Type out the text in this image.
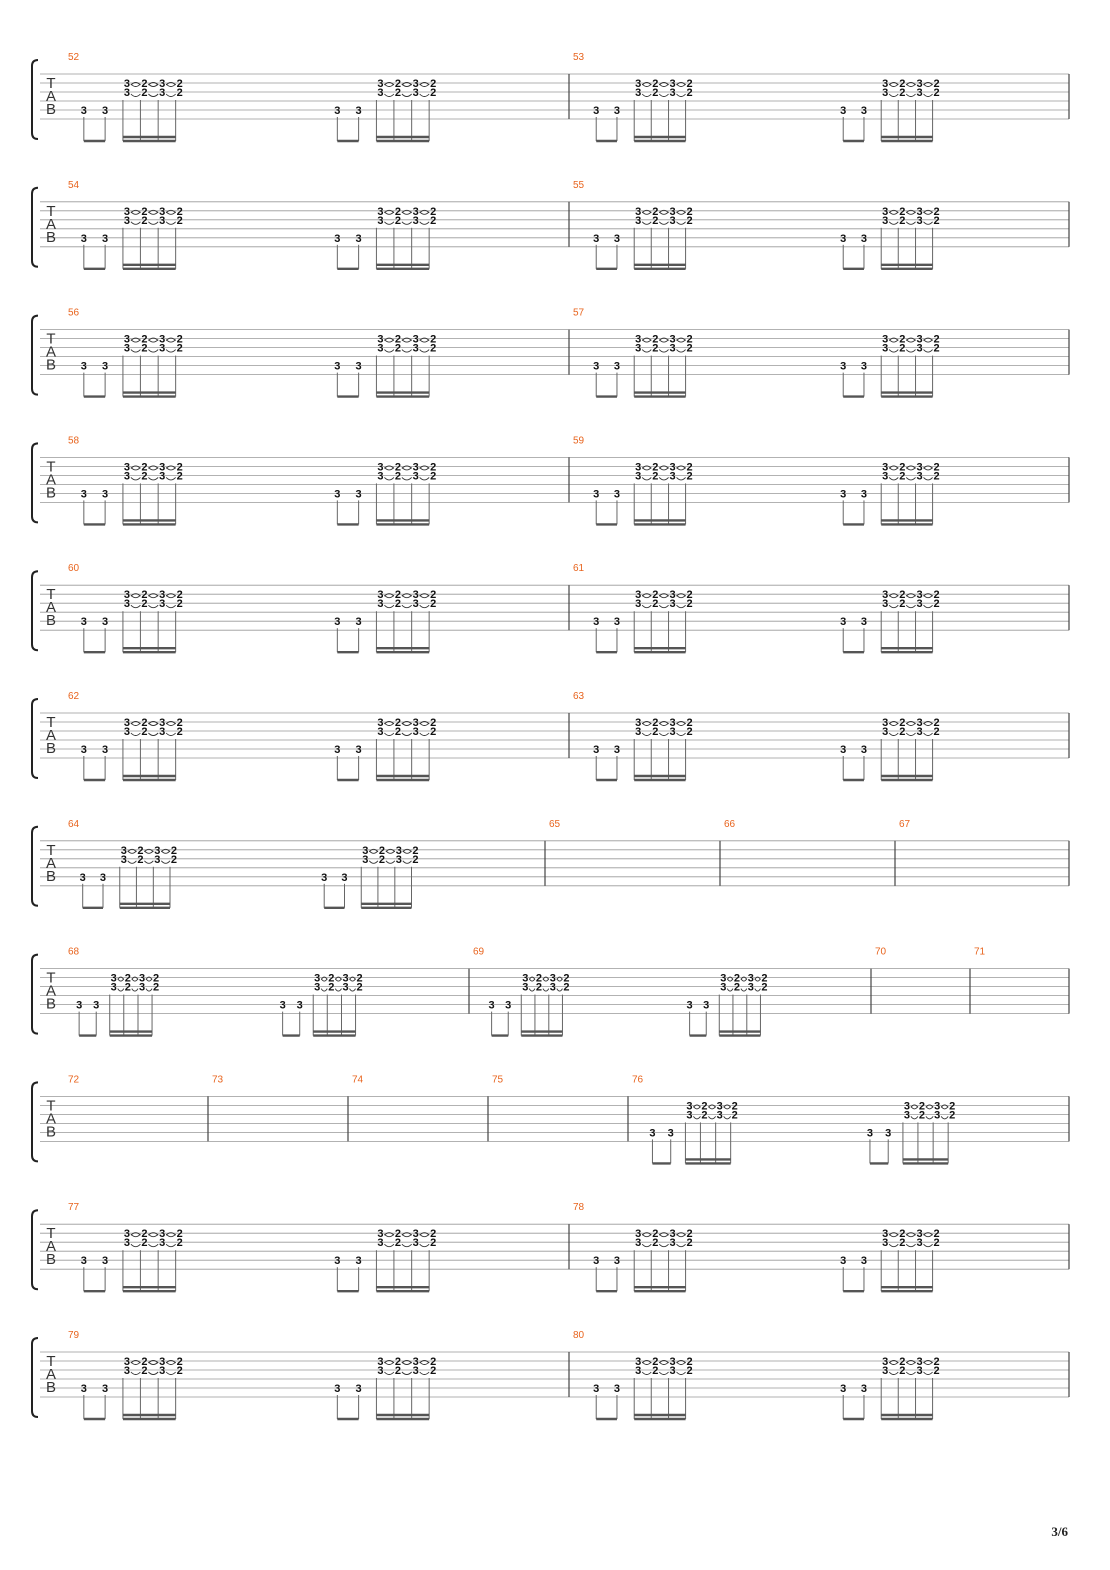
T
A
B
52
3 3
3
3
2
2
3
3
2
2
3 3
3
3
2
2
3
3
2
2
53
3 3
3
3
2
2
3
3
2
2
3 3
3
3
2
2
3
3
2
2
T
A
B
54
3 3
3
3
2
2
3
3
2
2
3 3
3
3
2
2
3
3
2
2
55
3 3
3
3
2
2
3
3
2
2
3 3
3
3
2
2
3
3
2
2
T
A
B
56
3 3
3
3
2
2
3
3
2
2
3 3
3
3
2
2
3
3
2
2
57
3 3
3
3
2
2
3
3
2
2
3 3
3
3
2
2
3
3
2
2
T
A
B
58
3 3
3
3
2
2
3
3
2
2
3 3
3
3
2
2
3
3
2
2
59
3 3
3
3
2
2
3
3
2
2
3 3
3
3
2
2
3
3
2
2
T
A
B
60
3 3
3
3
2
2
3
3
2
2
3 3
3
3
2
2
3
3
2
2
61
3 3
3
3
2
2
3
3
2
2
3 3
3
3
2
2
3
3
2
2
T
A
B
62
3 3
3
3
2
2
3
3
2
2
3 3
3
3
2
2
3
3
2
2
63
3 3
3
3
2
2
3
3
2
2
3 3
3
3
2
2
3
3
2
2
T
A
B
64
3 3
3
3
2
2
3
3
2
2
3 3
3
3
2
2
3
3
2
2
65	66	67
T
A
B
68
3 3
3
3
2
2
3
3
2
2
3 3
3
3
2
2
3
3
2
2
69
3 3
3
3
2
2
3
3
2
2
3 3
3
3
2
2
3
3
2
2
70	71
T
A
B
72	73	74	75	76
3 3
3
3
2
2
3
3
2
2
3 3
3
3
2
2
3
3
2
2
T
A
B
77
3 3
3
3
2
2
3
3
2
2
3 3
3
3
2
2
3
3
2
2
78
3 3
3
3
2
2
3
3
2
2
3 3
3
3
2
2
3
3
2
2
T
A
B
79
3 3
3
3
2
2
3
3
2
2
3 3
3
3
2
2
3
3
2
2
80
3 3
3
3
2
2
3
3
2
2
3 3
3
3
2
2
3
3
2
2
3/6
